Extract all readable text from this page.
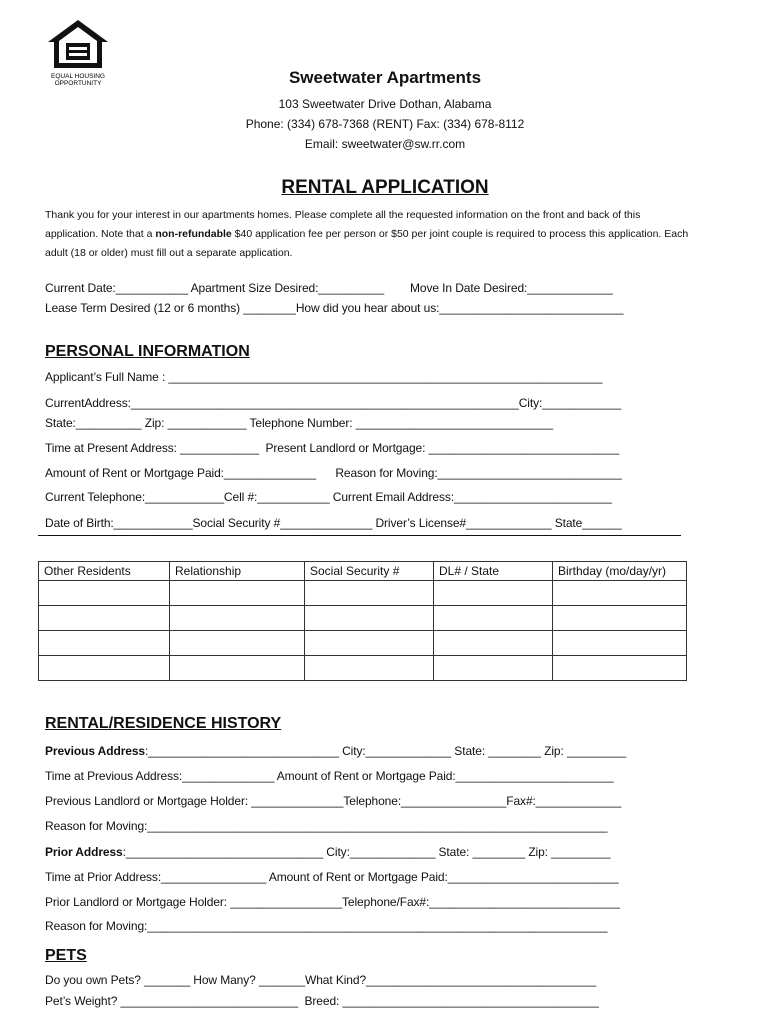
EQUAL HOUSING
OPPORTUNITY	Sweetwater Apartments
103 Sweetwater Drive Dothan, Alabama
Phone: (334) 678-7368 (RENT) Fax: (334) 678-8112
Email: sweetwater@sw.rr.com
RENTAL APPLICATION
Thank you for your interest in our apartments homes. Please complete all the requested information on the front and back of this application. Note that a non-refundable $40 application fee per person or $50 per joint couple is required to process this application. Each adult (18 or older) must fill out a separate application.
Current Date:___________ Apartment Size Desired:__________        Move In Date Desired:_____________
Lease Term Desired (12 or 6 months) ________How did you hear about us:____________________________
PERSONAL INFORMATION
Applicant’s Full Name : __________________________________________________________________
CurrentAddress:___________________________________________________________City:____________
State:__________ Zip: ____________ Telephone Number: ______________________________
Time at Present Address: ____________  Present Landlord or Mortgage: _____________________________
Amount of Rent or Mortgage Paid:______________      Reason for Moving:____________________________
Current Telephone:____________Cell #:___________ Current Email Address:________________________
Date of Birth:____________Social Security #______________ Driver’s License#_____________ State______
Other Residents	Relationship	Social Security #	DL# / State	Birthday (mo/day/yr)

RENTAL/RESIDENCE HISTORY
Previous Address:_____________________________ City:_____________ State: ________ Zip: _________
Time at Previous Address:______________ Amount of Rent or Mortgage Paid:________________________
Previous Landlord or Mortgage Holder: ______________Telephone:________________Fax#:_____________
Reason for Moving:______________________________________________________________________
Prior Address:______________________________ City:_____________ State: ________ Zip: _________
Time at Prior Address:________________ Amount of Rent or Mortgage Paid:__________________________
Prior Landlord or Mortgage Holder: _________________Telephone/Fax#:_____________________________
Reason for Moving:______________________________________________________________________
PETS
Do you own Pets? _______ How Many? _______What Kind?___________________________________
Pet’s Weight? ___________________________  Breed: _______________________________________
